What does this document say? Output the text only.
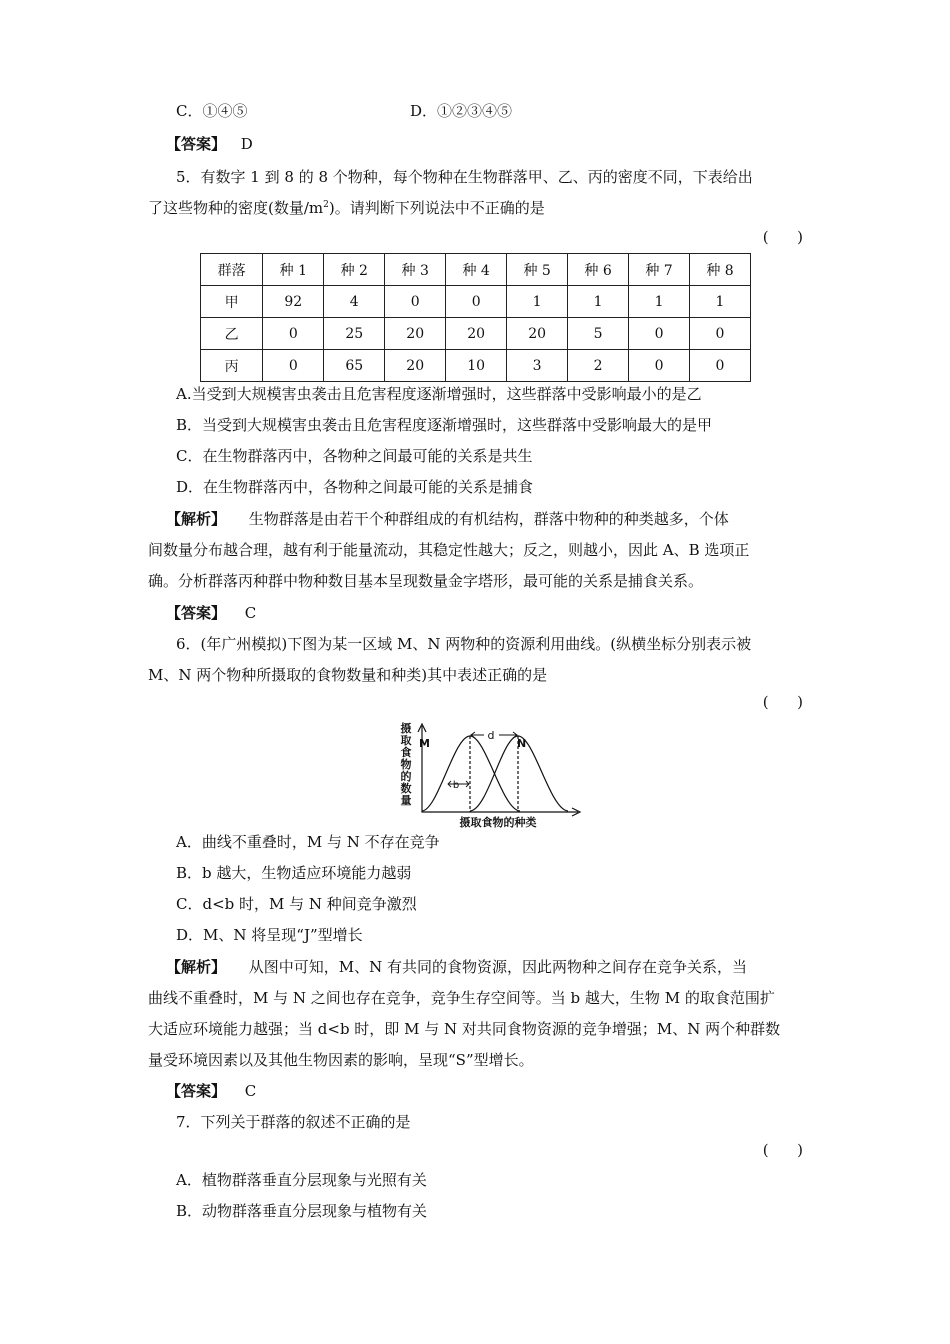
C．①④⑤	D．①②③④⑤
【答案】 D
5．有数字 1 到 8 的 8 个物种，每个物种在生物群落甲、乙、丙的密度不同，下表给出
了这些物种的密度(数量$/m^2$)。请判断下列说法中不正确的是
(      )
群落	种 1	种 2	种 3	种 4	种 5	种 6	种 7	种 8
甲	92	4	0	0	1	1	1	1
乙	0	25	20	20	20	5	0	0
丙	0	65	20	10	3	2	0	0
A.当受到大规模害虫袭击且危害程度逐渐增强时，这些群落中受影响最小的是乙
B．当受到大规模害虫袭击且危害程度逐渐增强时，这些群落中受影响最大的是甲
C．在生物群落丙中，各物种之间最可能的关系是共生
D．在生物群落丙中，各物种之间最可能的关系是捕食
【解析】 生物群落是由若干个种群组成的有机结构，群落中物种的种类越多，个体
间数量分布越合理，越有利于能量流动，其稳定性越大；反之，则越小，因此 A、B 选项正
确。分析群落丙种群中物种数目基本呈现数量金字塔形，最可能的关系是捕食关系。
【答案】 C
6．(年广州模拟)下图为某一区域 M、N 两物种的资源利用曲线。(纵横坐标分别表示被
M、N 两个物种所摄取的食物数量和种类)其中表述正确的是
(      )
摄
取
食
物
的
数
量
摄取食物的种类
M	N
d
b
A．曲线不重叠时，M 与 N 不存在竞争
B．b 越大，生物适应环境能力越弱
C．d<b 时，M 与 N 种间竞争激烈
D．M、N 将呈现“J”型增长
【解析】 从图中可知，M、N 有共同的食物资源，因此两物种之间存在竞争关系，当
曲线不重叠时，M 与 N 之间也存在竞争，竞争生存空间等。当 b 越大，生物 M 的取食范围扩
大适应环境能力越强；当 d<b 时，即 M 与 N 对共同食物资源的竞争增强；M、N 两个种群数
量受环境因素以及其他生物因素的影响，呈现“S”型增长。
【答案】 C
7．下列关于群落的叙述不正确的是
(      )
A．植物群落垂直分层现象与光照有关
B．动物群落垂直分层现象与植物有关
